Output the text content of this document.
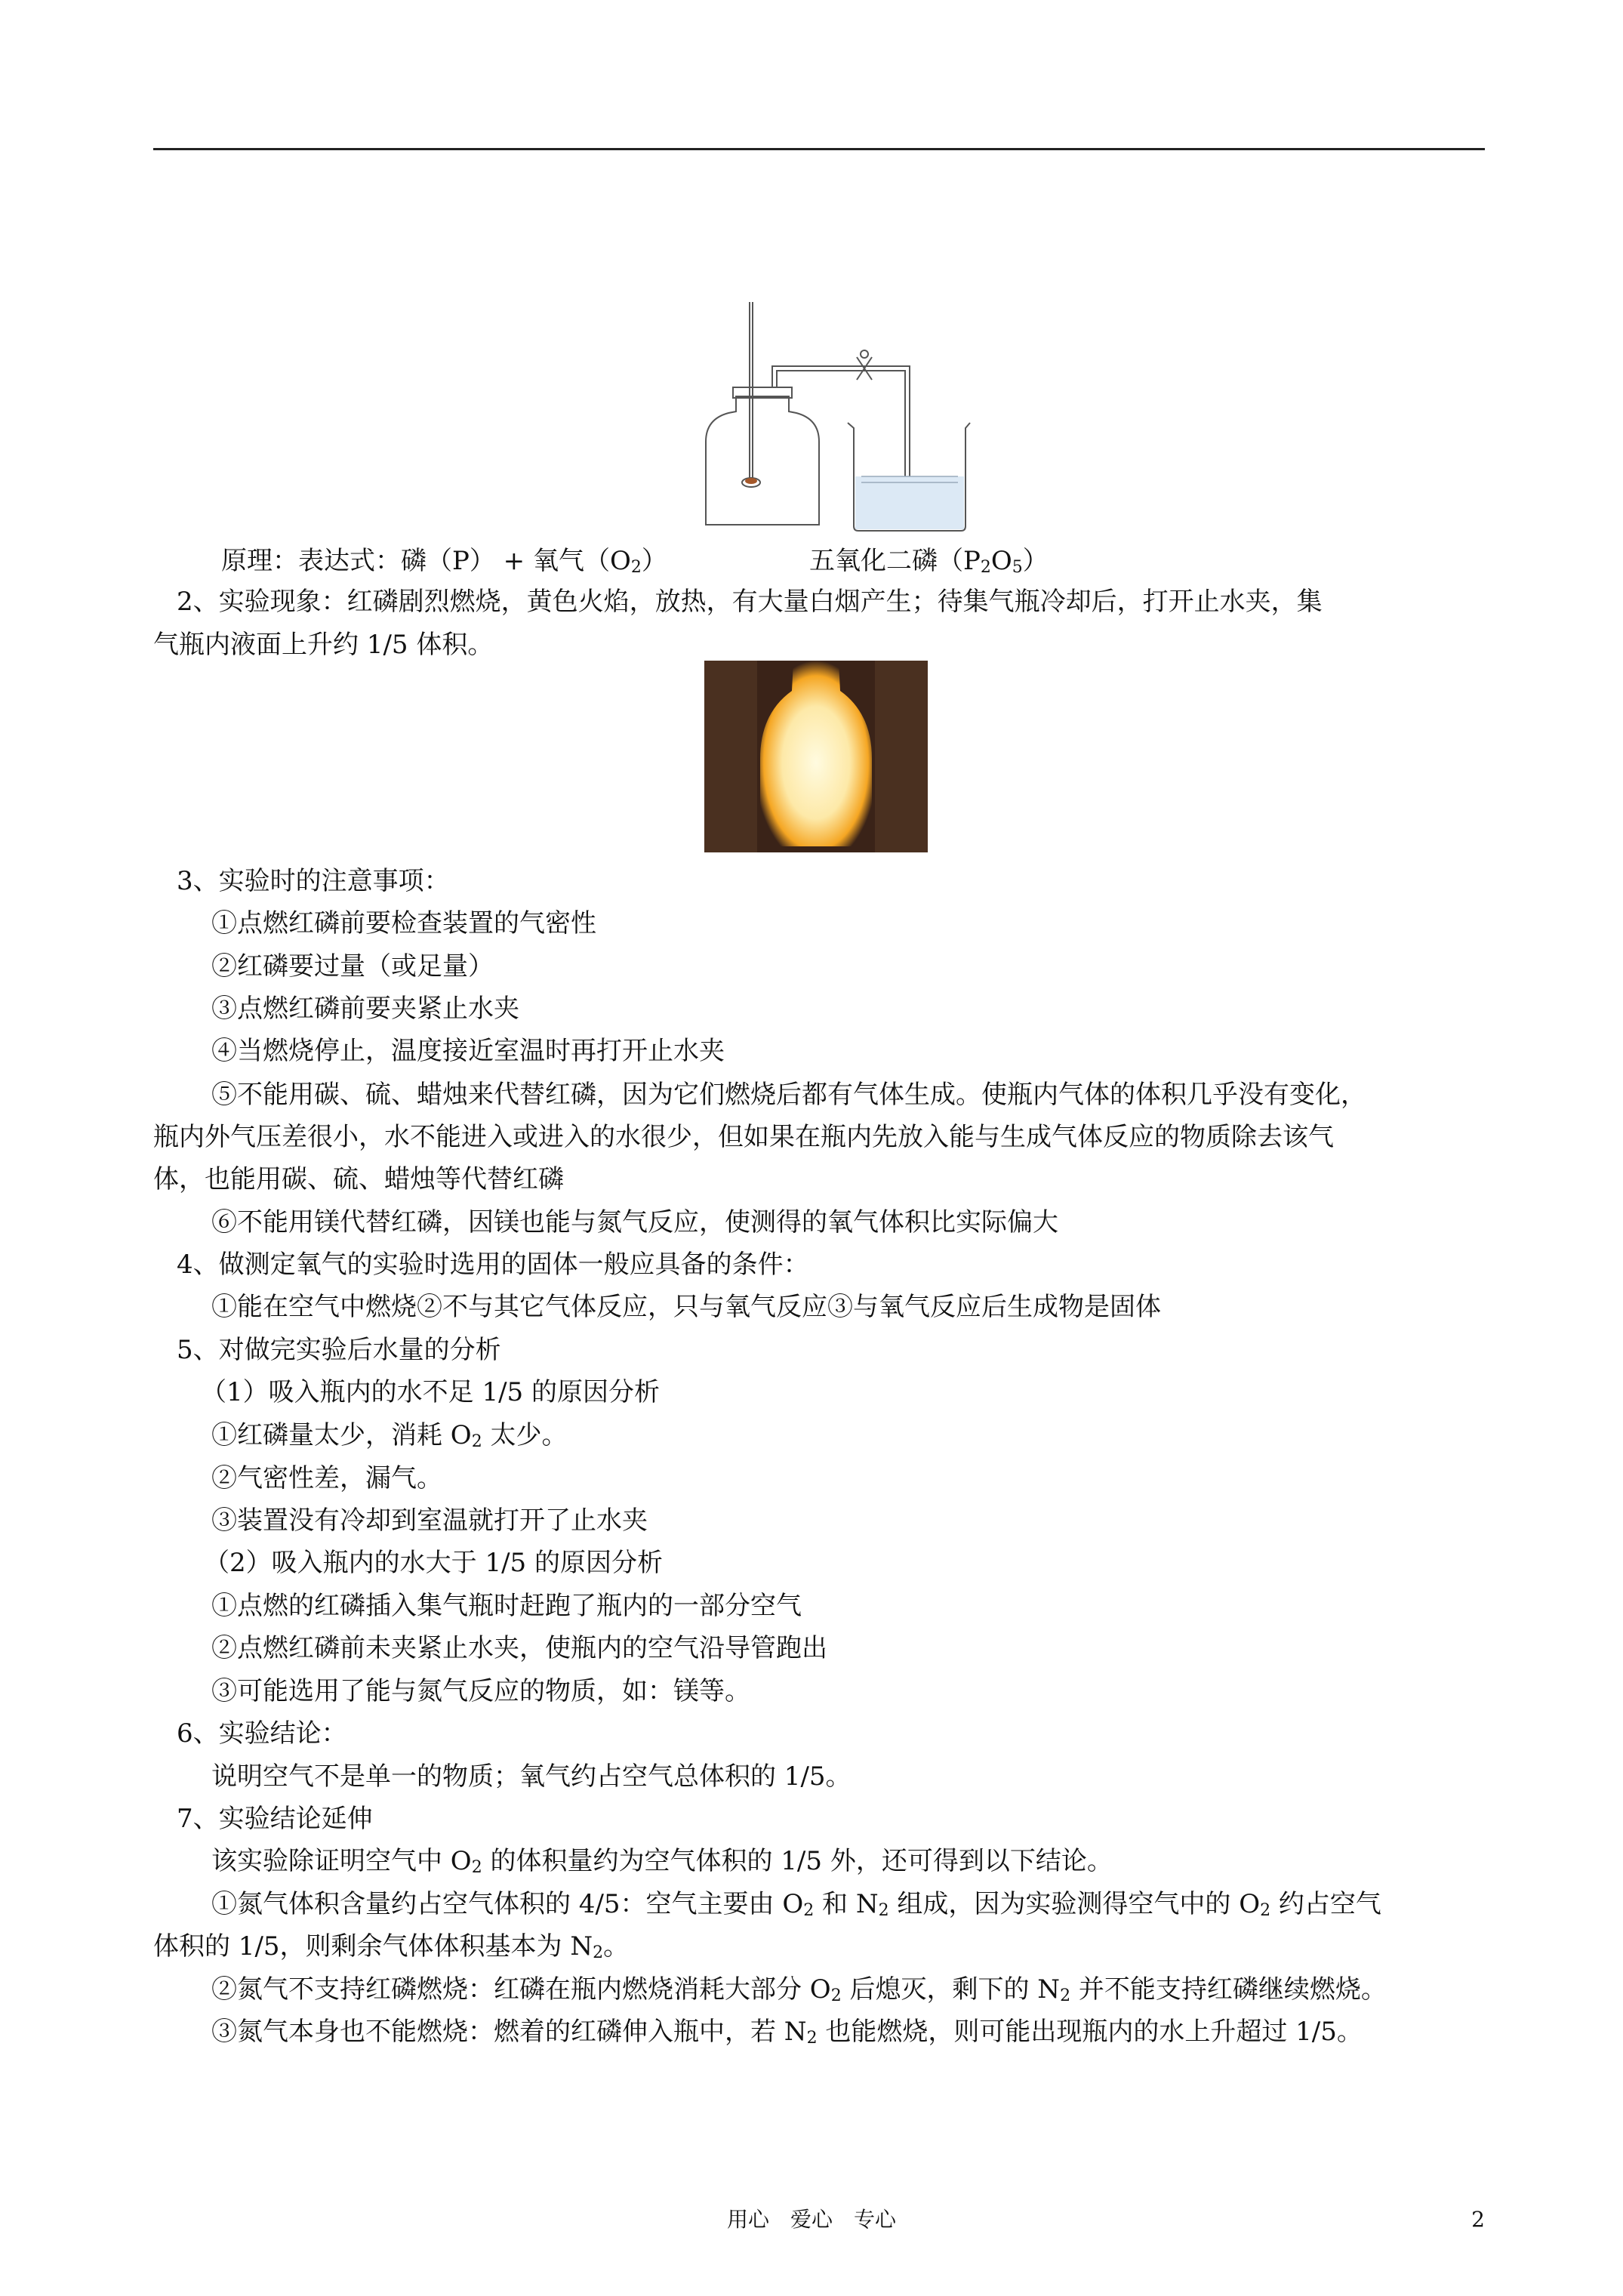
原理：表达式：磷（P） + 氧气$(O_2)$	五氧化二磷$(P_2O_5)$
2、实验现象：红磷剧烈燃烧，黄色火焰，放热，有大量白烟产生；待集气瓶冷却后，打开止水夹，集
气瓶内液面上升约 1/5 体积。
3、实验时的注意事项：
①点燃红磷前要检查装置的气密性
②红磷要过量（或足量）
③点燃红磷前要夹紧止水夹
④当燃烧停止，温度接近室温时再打开止水夹
⑤不能用碳、硫、蜡烛来代替红磷，因为它们燃烧后都有气体生成。使瓶内气体的体积几乎没有变化，
瓶内外气压差很小，水不能进入或进入的水很少，但如果在瓶内先放入能与生成气体反应的物质除去该气
体，也能用碳、硫、蜡烛等代替红磷
⑥不能用镁代替红磷，因镁也能与氮气反应，使测得的氧气体积比实际偏大
4、做测定氧气的实验时选用的固体一般应具备的条件：
①能在空气中燃烧②不与其它气体反应，只与氧气反应③与氧气反应后生成物是固体
5、对做完实验后水量的分析
（1）吸入瓶内的水不足 1/5 的原因分析
①红磷量太少，消耗 $O_2$ 太少。
②气密性差，漏气。
③装置没有冷却到室温就打开了止水夹
（2）吸入瓶内的水大于 1/5 的原因分析
①点燃的红磷插入集气瓶时赶跑了瓶内的一部分空气
②点燃红磷前未夹紧止水夹，使瓶内的空气沿导管跑出
③可能选用了能与氮气反应的物质，如：镁等。
6、实验结论：
说明空气不是单一的物质；氧气约占空气总体积的 1/5。
7、实验结论延伸
该实验除证明空气中 $O_2$ 的体积量约为空气体积的 1/5 外，还可得到以下结论。
①氮气体积含量约占空气体积的 4/5：空气主要由 $O_2$ 和 $N_2$ 组成，因为实验测得空气中的 $O_2$ 约占空气
体积的 1/5，则剩余气体体积基本为 $N_2$。
②氮气不支持红磷燃烧：红磷在瓶内燃烧消耗大部分 $O_2$ 后熄灭，剩下的 $N_2$ 并不能支持红磷继续燃烧。
③氮气本身也不能燃烧：燃着的红磷伸入瓶中，若 $N_2$ 也能燃烧，则可能出现瓶内的水上升超过 1/5。
用心　爱心　专心	2
